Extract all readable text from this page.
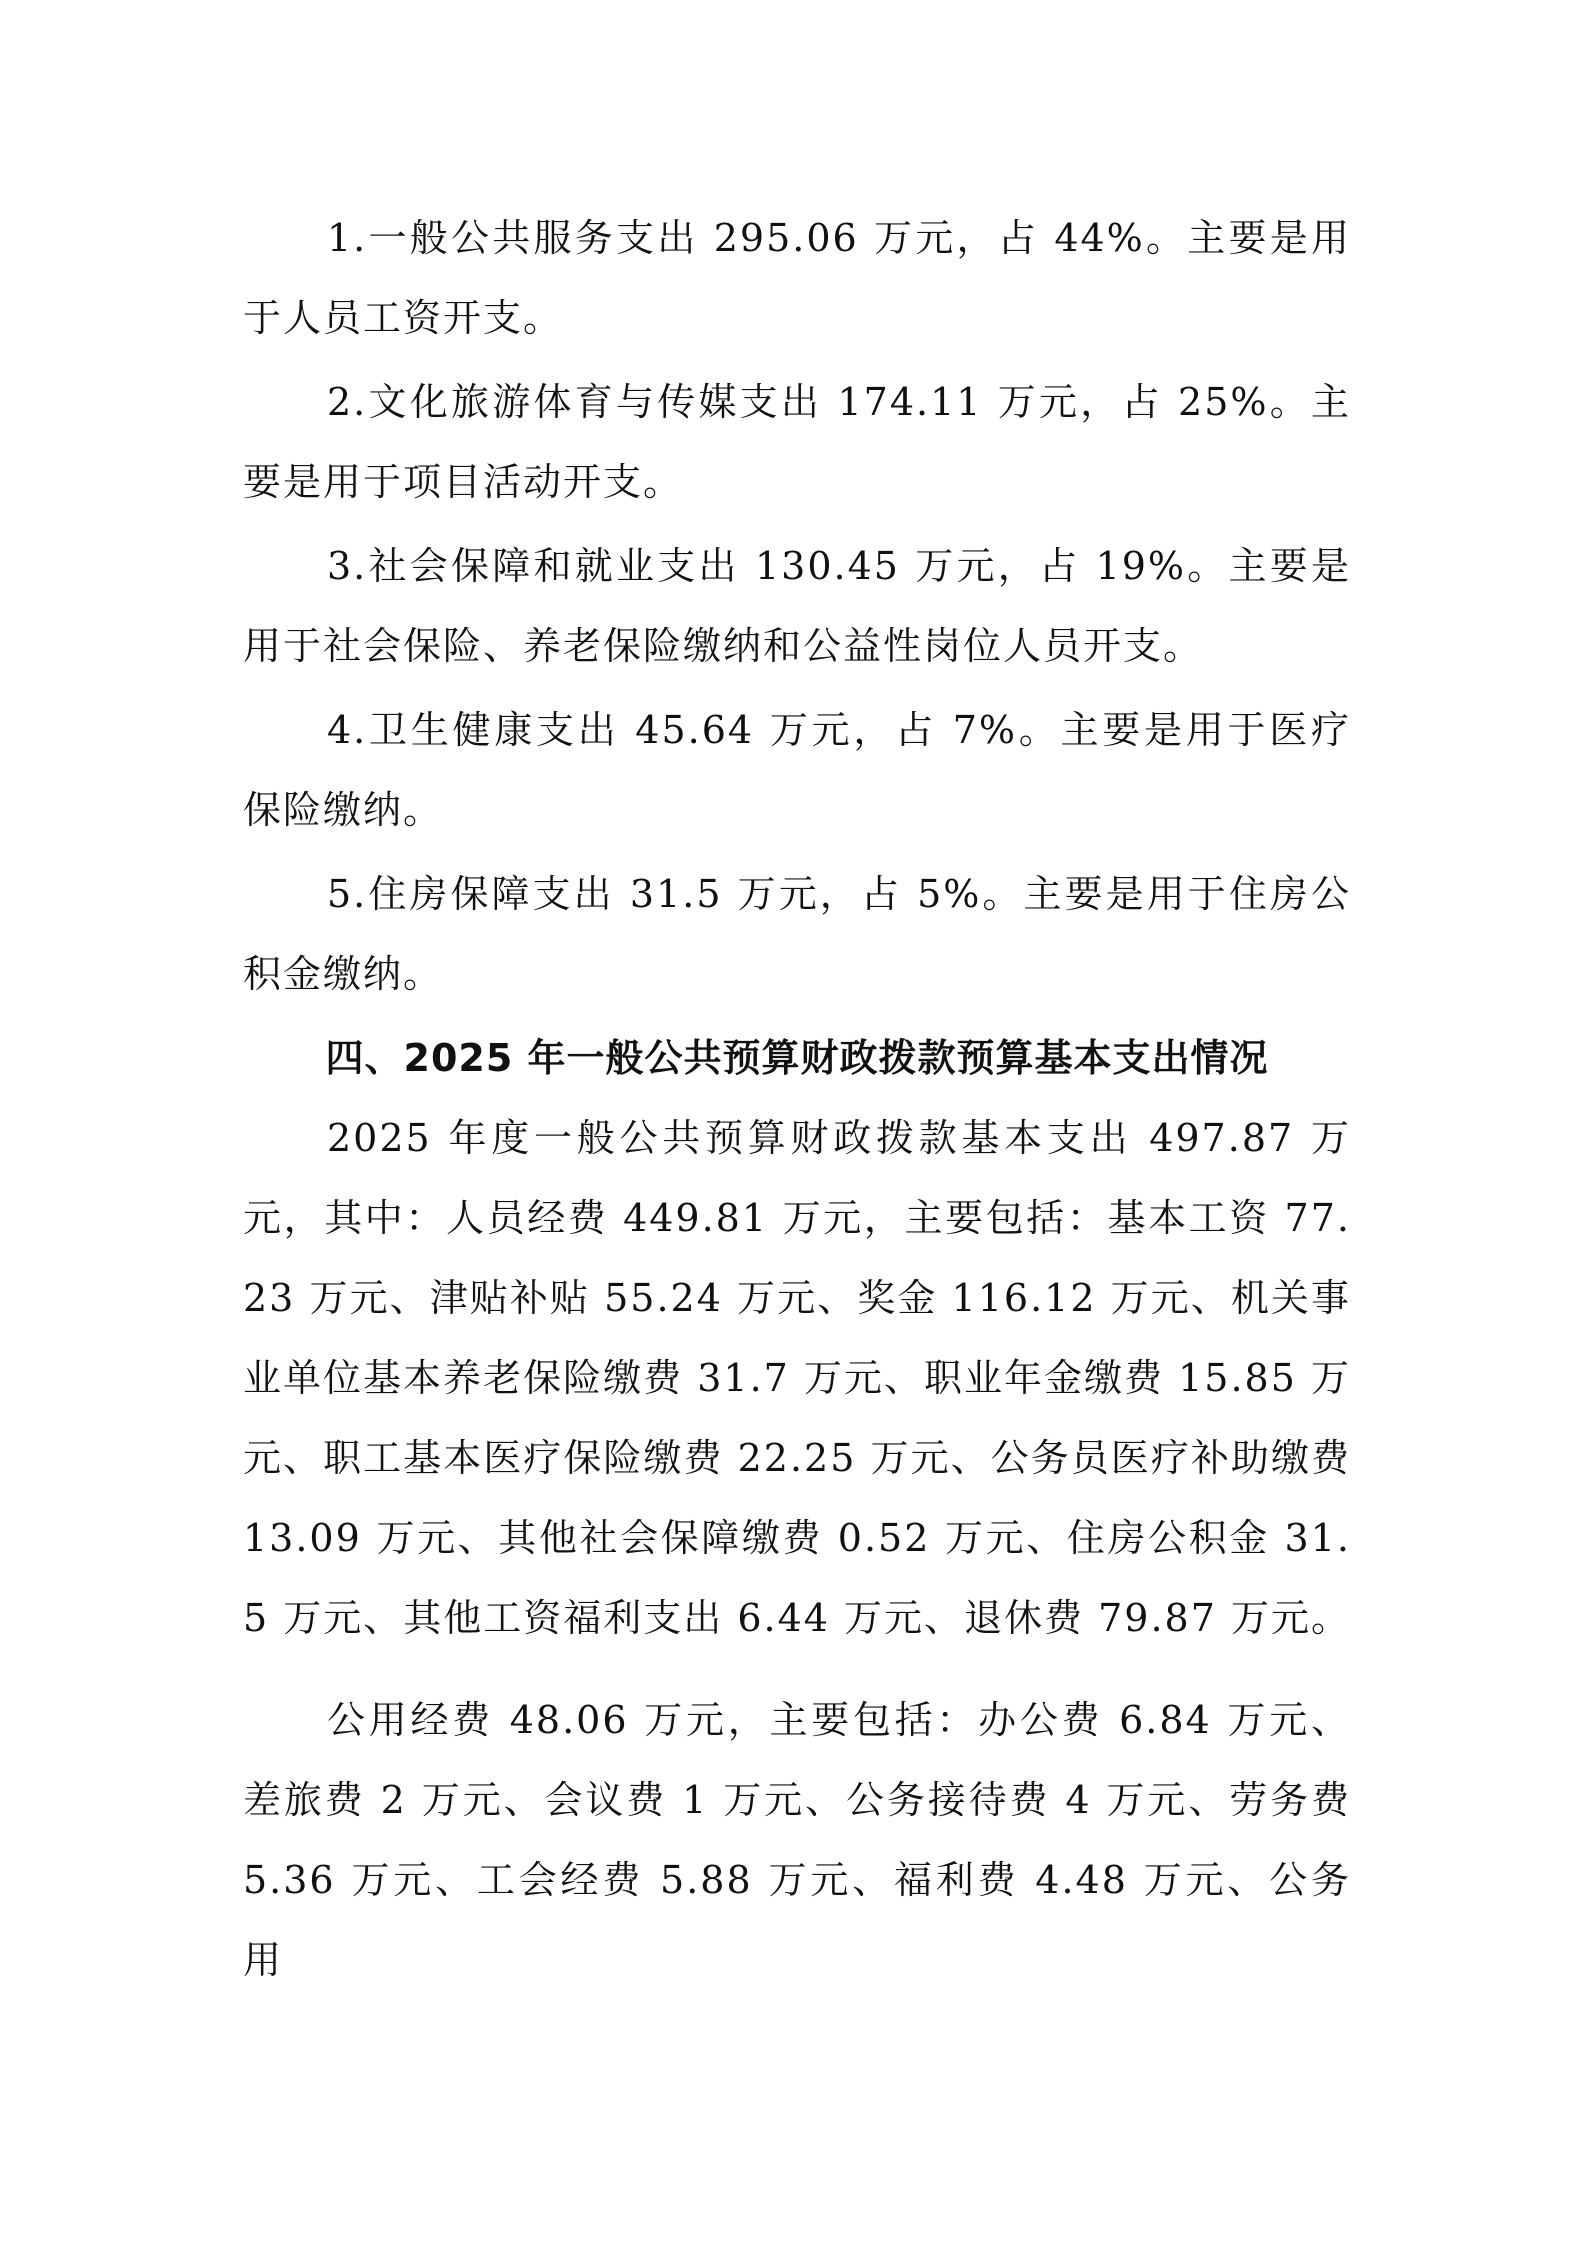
1.一般公共服务支出 295.06 万元，占 44%。主要是用于人员工资开支。

2.文化旅游体育与传媒支出 174.11 万元，占 25%。主要是用于项目活动开支。

3.社会保障和就业支出 130.45 万元，占 19%。主要是用于社会保险、养老保险缴纳和公益性岗位人员开支。

4.卫生健康支出 45.64 万元，占 7%。主要是用于医疗保险缴纳。

5.住房保障支出 31.5 万元，占 5%。主要是用于住房公积金缴纳。

四、2025 年一般公共预算财政拨款预算基本支出情况

2025 年度一般公共预算财政拨款基本支出 497.87 万元，其中：人员经费 449.81 万元，主要包括：基本工资 77.23 万元、津贴补贴 55.24 万元、奖金 116.12 万元、机关事业单位基本养老保险缴费 31.7 万元、职业年金缴费 15.85 万元、职工基本医疗保险缴费 22.25 万元、公务员医疗补助缴费 13.09 万元、其他社会保障缴费 0.52 万元、住房公积金 31.5 万元、其他工资福利支出 6.44 万元、退休费 79.87 万元。

公用经费 48.06 万元，主要包括：办公费 6.84 万元、差旅费 2 万元、会议费 1 万元、公务接待费 4 万元、劳务费 5.36 万元、工会经费 5.88 万元、福利费 4.48 万元、公务用
